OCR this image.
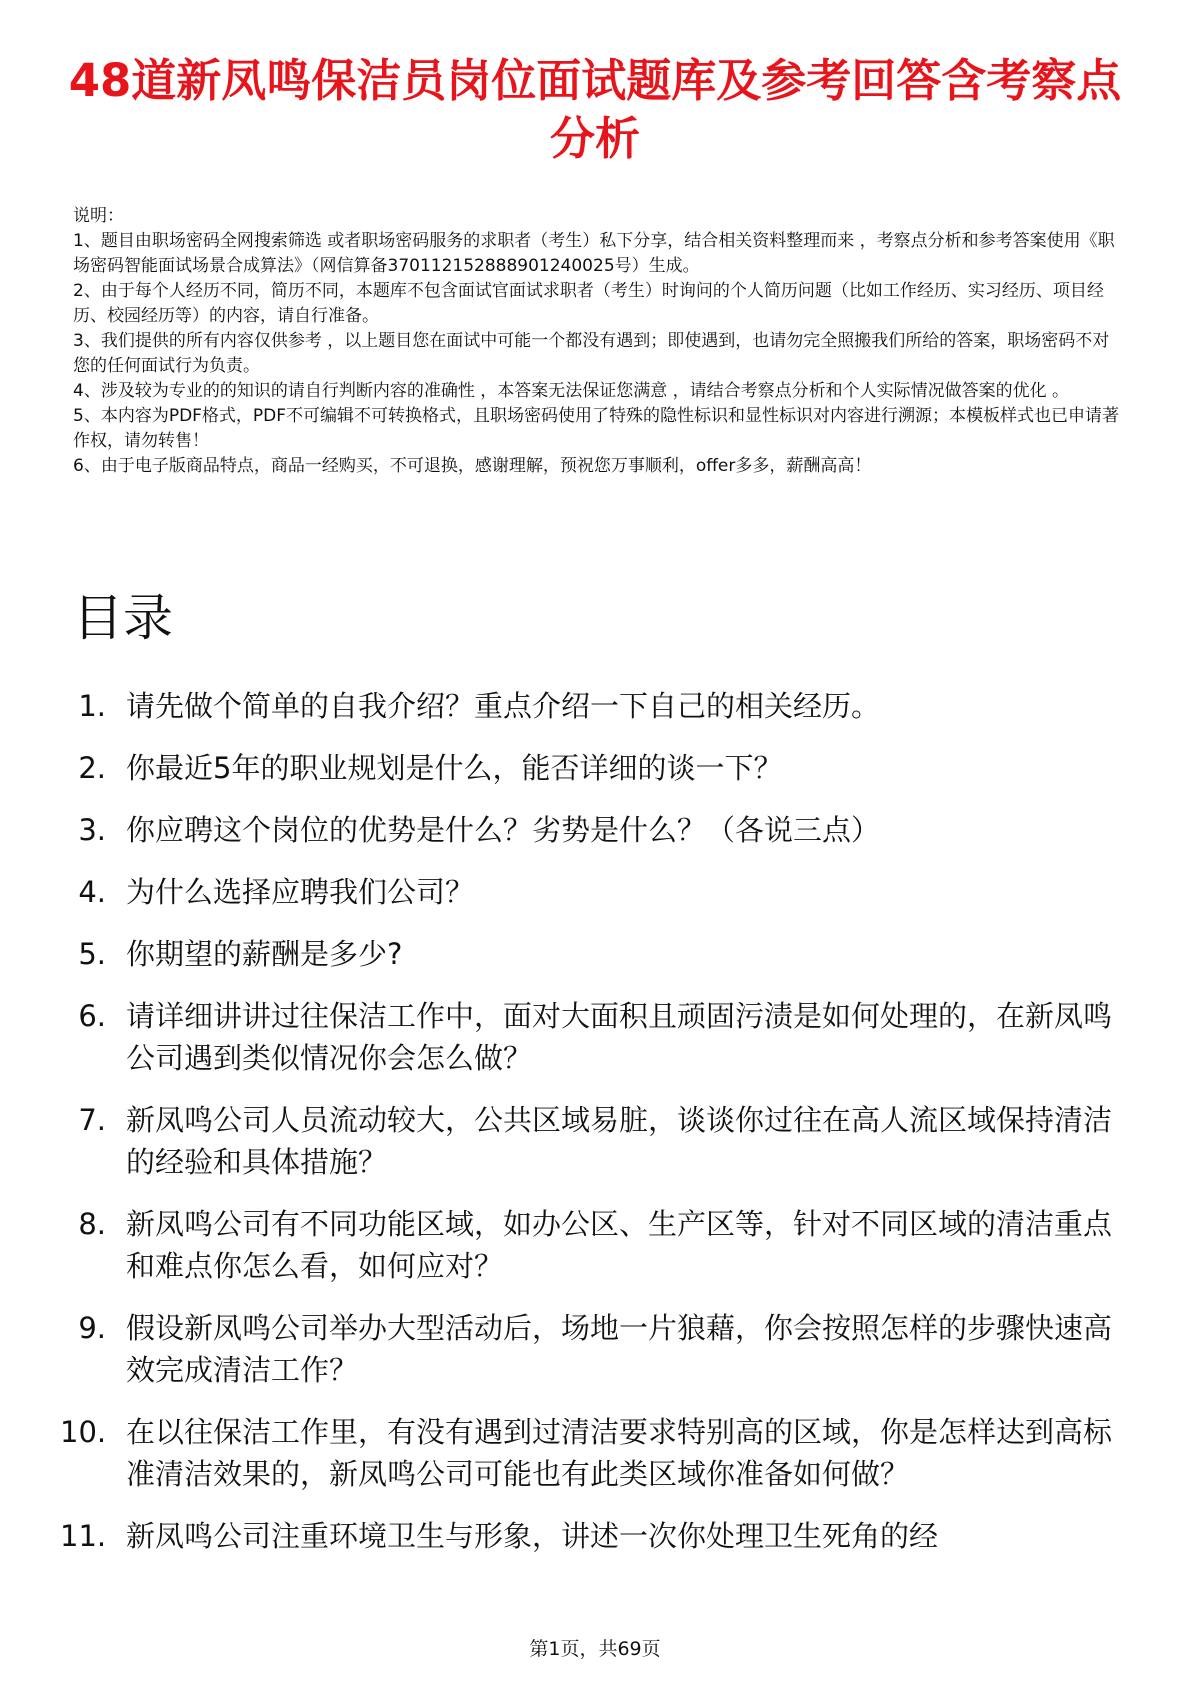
48道新凤鸣保洁员岗位面试题库及参考回答含考察点分析

说明：

1、题目由职场密码全网搜索筛选 或者职场密码服务的求职者（考生）私下分享，结合相关资料整理而来 ，考察点分析和参考答案使用《职场密码智能面试场景合成算法》（网信算备370112152888901240025号）生成。

2、由于每个人经历不同，简历不同，本题库不包含面试官面试求职者（考生）时询问的个人简历问题（比如工作经历、实习经历、项目经历、校园经历等）的内容，请自行准备。

3、我们提供的所有内容仅供参考 ，以上题目您在面试中可能一个都没有遇到；即使遇到，也请勿完全照搬我们所给的答案，职场密码不对您的任何面试行为负责。

4、涉及较为专业的的知识的请自行判断内容的准确性 ，本答案无法保证您满意 ，请结合考察点分析和个人实际情况做答案的优化 。

5、本内容为PDF格式，PDF不可编辑不可转换格式，且职场密码使用了特殊的隐性标识和显性标识对内容进行溯源；本模板样式也已申请著作权，请勿转售！

6、由于电子版商品特点，商品一经购买，不可退换，感谢理解，预祝您万事顺利，offer多多，薪酬高高！

目录
1. 请先做个简单的自我介绍？重点介绍一下自己的相关经历。
2. 你最近5年的职业规划是什么，能否详细的谈一下？
3. 你应聘这个岗位的优势是什么？劣势是什么？（各说三点）
4. 为什么选择应聘我们公司？
5. 你期望的薪酬是多少?
6. 请详细讲讲过往保洁工作中，面对大面积且顽固污渍是如何处理的，在新凤鸣公司遇到类似情况你会怎么做？
7. 新凤鸣公司人员流动较大，公共区域易脏，谈谈你过往在高人流区域保持清洁的经验和具体措施？
8. 新凤鸣公司有不同功能区域，如办公区、生产区等，针对不同区域的清洁重点和难点你怎么看，如何应对？
9. 假设新凤鸣公司举办大型活动后，场地一片狼藉，你会按照怎样的步骤快速高效完成清洁工作？
10. 在以往保洁工作里，有没有遇到过清洁要求特别高的区域，你是怎样达到高标准清洁效果的，新凤鸣公司可能也有此类区域你准备如何做？
11. 新凤鸣公司注重环境卫生与形象，讲述一次你处理卫生死角的经
第1页，共69页
